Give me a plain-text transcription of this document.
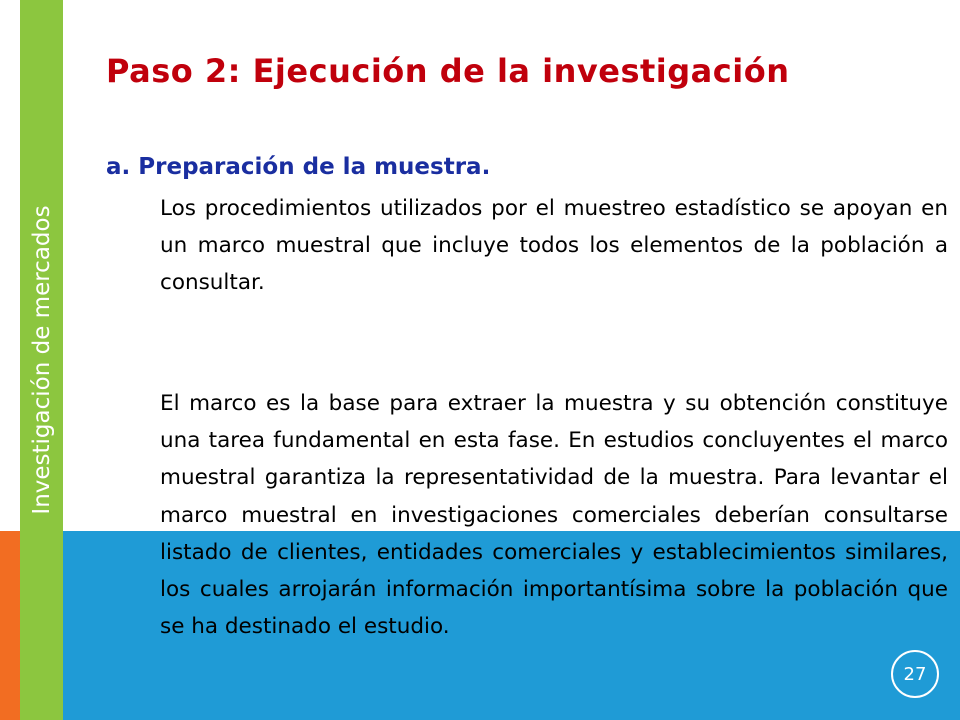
Investigación de mercados
Paso 2: Ejecución de la investigación
a. Preparación de la muestra.

Los procedimientos utilizados por el muestreo estadístico se apoyan en un marco muestral que incluye todos los elementos de la población a consultar.

El marco es la base para extraer la muestra y su obtención constituye una tarea fundamental en esta fase. En estudios concluyentes el marco muestral garantiza la representatividad de la muestra. Para levantar el marco muestral en investigaciones comerciales deberían consultarse listado de clientes, entidades comerciales y establecimientos similares, los cuales arrojarán información importantísima sobre la población que se ha destinado el estudio.

27
